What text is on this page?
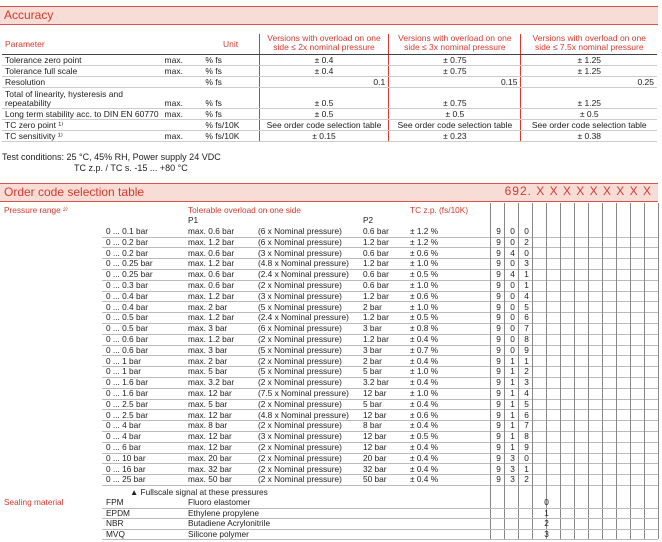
Accuracy
Parameter		Unit	Versions with overload on one side ≤ 2x nominal pressure	Versions with overload on one side ≤ 3x nominal pressure	Versions with overload on one side ≤ 7.5x nominal pressure
Tolerance zero point	max.	% fs	± 0.4	± 0.75	± 1.25
Tolerance full scale	max.	% fs	± 0.4	± 0.75	± 1.25
Resolution		% fs	0.1	0.15	0.25
Total of linearity, hysteresis and repeatability	max.	% fs	± 0.5	± 0.75	± 1.25
Long term stability acc. to DIN EN 60770	max.	% fs	± 0.5	± 0.5	± 0.5
TC zero point ¹⁾		% fs/10K	See order code selection table	See order code selection table	See order code selection table
TC sensitivity ¹⁾	max.	% fs/10K	± 0.15	± 0.23	± 0.38
Test conditions: 25 °C, 45% RH, Power supply 24 VDC
TC z.p. / TC s. -15 ... +80 °C
Order code selection table	692. X X X X X X X X X
Pressure range ²⁾	Tolerable overload on one side	TC z.p. (fs/10K)
P1	P2
0 ... 0.1 bar	max. 0.6 bar	(6 x Nominal pressure)	0.6 bar	± 1.2 %	9	0	0
0 ... 0.2 bar	max. 1.2 bar	(6 x Nominal pressure)	1.2 bar	± 1.2 %	9	0	2
0 ... 0.2 bar	max. 0.6 bar	(3 x Nominal pressure)	0.6 bar	± 0.6 %	9	4	0
0 ... 0.25 bar	max. 1.2 bar	(4.8 x Nominal pressure) 1.2 bar	± 1.0 %	9	0	3
0 ... 0.25 bar	max. 0.6 bar	(2.4 x Nominal pressure) 0.6 bar	± 0.5 %	9	4	1
0 ... 0.3 bar	max. 0.6 bar	(2 x Nominal pressure)	0.6 bar	± 1.0 %	9	0	1
0 ... 0.4 bar	max. 1.2 bar	(3 x Nominal pressure)	1.2 bar	± 0.6 %	9	0	4
0 ... 0.4 bar	max. 2 bar	(5 x Nominal pressure)	2 bar	± 1.0 %	9	0	5
0 ... 0.5 bar	max. 1.2 bar	(2.4 x Nominal pressure) 1.2 bar	± 0.5 %	9	0	6
0 ... 0.5 bar	max. 3 bar	(6 x Nominal pressure)	3 bar	± 0.8 %	9	0	7
0 ... 0.6 bar	max. 1.2 bar	(2 x Nominal pressure)	1.2 bar	± 0.4 %	9	0	8
0 ... 0.6 bar	max. 3 bar	(5 x Nominal pressure)	3 bar	± 0.7 %	9	0	9
0 ... 1 bar	max. 2 bar	(2 x Nominal pressure)	2 bar	± 0.4 %	9	1	1
0 ... 1 bar	max. 5 bar	(5 x Nominal pressure)	5 bar	± 1.0 %	9	1	2
0 ... 1.6 bar	max. 3.2 bar	(2 x Nominal pressure)	3.2 bar	± 0.4 %	9	1	3
0 ... 1.6 bar	max. 12 bar	(7.5 x Nominal pressure) 12 bar	± 1.0 %	9	1	4
0 ... 2.5 bar	max. 5 bar	(2 x Nominal pressure)	5 bar	± 0.4 %	9	1	5
0 ... 2.5 bar	max. 12 bar	(4.8 x Nominal pressure) 12 bar	± 0.6 %	9	1	6
0 ... 4 bar	max. 8 bar	(2 x Nominal pressure)	8 bar	± 0.4 %	9	1	7
0 ... 4 bar	max. 12 bar	(3 x Nominal pressure)	12 bar	± 0.5 %	9	1	8
0 ... 6 bar	max. 12 bar	(2 x Nominal pressure)	12 bar	± 0.4 %	9	1	9
0 ... 10 bar	max. 20 bar	(2 x Nominal pressure)	20 bar	± 0.4 %	9	3	0
0 ... 16 bar	max. 32 bar	(2 x Nominal pressure)	32 bar	± 0.4 %	9	3	1
0 ... 25 bar	max. 50 bar	(2 x Nominal pressure)	50 bar	± 0.4 %	9	3	2
▲ Fullscale signal at these pressures
Sealing material	FPM	Fluoro elastomer	0
EPDM	Ethylene propylene	1
NBR	Butadiene Acrylonitrile	2
MVQ	Silicone polymer	3
